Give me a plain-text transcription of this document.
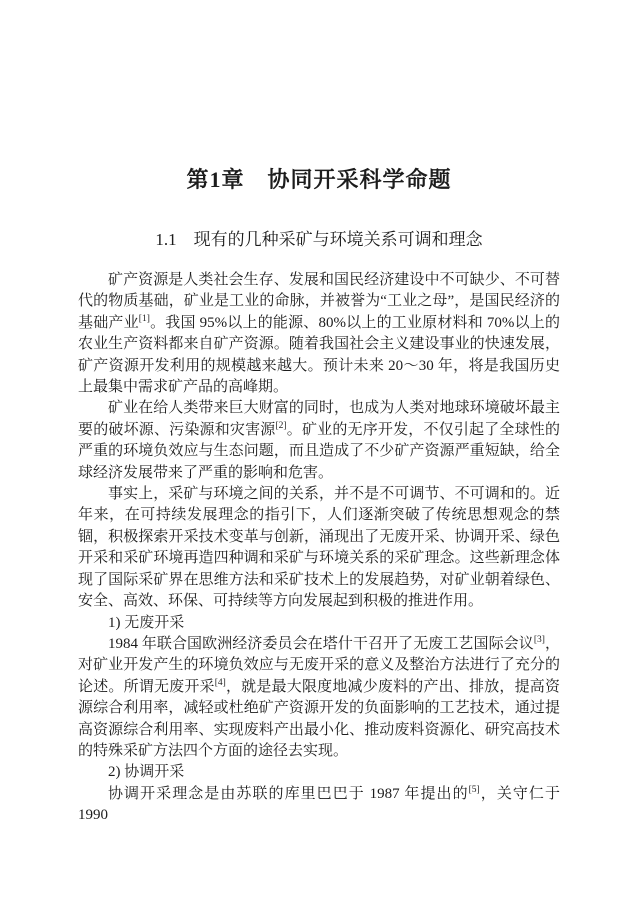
第1章　协同开采科学命题
1.1　现有的几种采矿与环境关系可调和理念

矿产资源是人类社会生存、发展和国民经济建设中不可缺少、不可替代的物质基础，矿业是工业的命脉，并被誉为“工业之母”，是国民经济的基础产业[1]。我国 95%以上的能源、80%以上的工业原材料和 70%以上的农业生产资料都来自矿产资源。随着我国社会主义建设事业的快速发展，矿产资源开发利用的规模越来越大。预计未来 20～30 年，将是我国历史上最集中需求矿产品的高峰期。

矿业在给人类带来巨大财富的同时，也成为人类对地球环境破坏最主要的破坏源、污染源和灾害源[2]。矿业的无序开发，不仅引起了全球性的严重的环境负效应与生态问题，而且造成了不少矿产资源严重短缺，给全球经济发展带来了严重的影响和危害。

事实上，采矿与环境之间的关系，并不是不可调节、不可调和的。近年来，在可持续发展理念的指引下，人们逐渐突破了传统思想观念的禁锢，积极探索开采技术变革与创新，涌现出了无废开采、协调开采、绿色开采和采矿环境再造四种调和采矿与环境关系的采矿理念。这些新理念体现了国际采矿界在思维方法和采矿技术上的发展趋势，对矿业朝着绿色、安全、高效、环保、可持续等方向发展起到积极的推进作用。

1) 无废开采

1984 年联合国欧洲经济委员会在塔什干召开了无废工艺国际会议[3]，对矿业开发产生的环境负效应与无废开采的意义及整治方法进行了充分的论述。所谓无废开采[4]，就是最大限度地减少废料的产出、排放，提高资源综合利用率，减轻或杜绝矿产资源开发的负面影响的工艺技术，通过提高资源综合利用率、实现废料产出最小化、推动废料资源化、研究高技术的特殊采矿方法四个方面的途径去实现。

2) 协调开采

协调开采理念是由苏联的库里巴巴于 1987 年提出的[5]，关守仁于 1990
